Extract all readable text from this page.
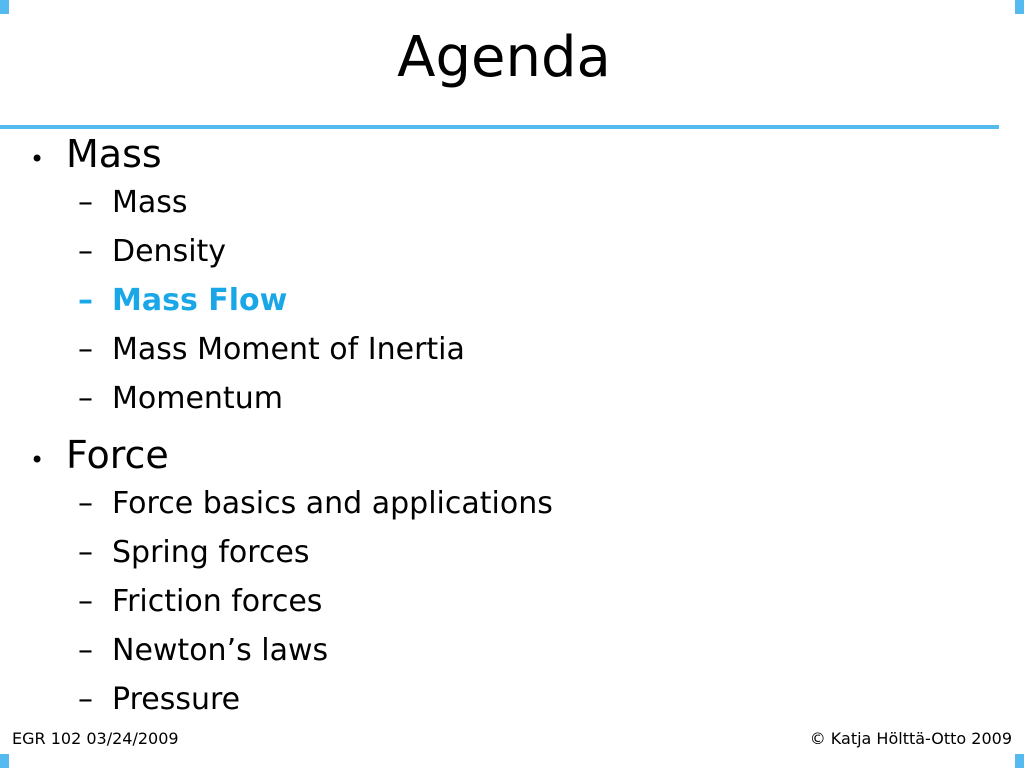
Agenda
• Mass
– Mass
– Density
– Mass Flow
– Mass Moment of Inertia
– Momentum
• Force
– Force basics and applications
– Spring forces
– Friction forces
– Newton’s laws
– Pressure
EGR 102 03/24/2009	© Katja Hölttä-Otto 2009
